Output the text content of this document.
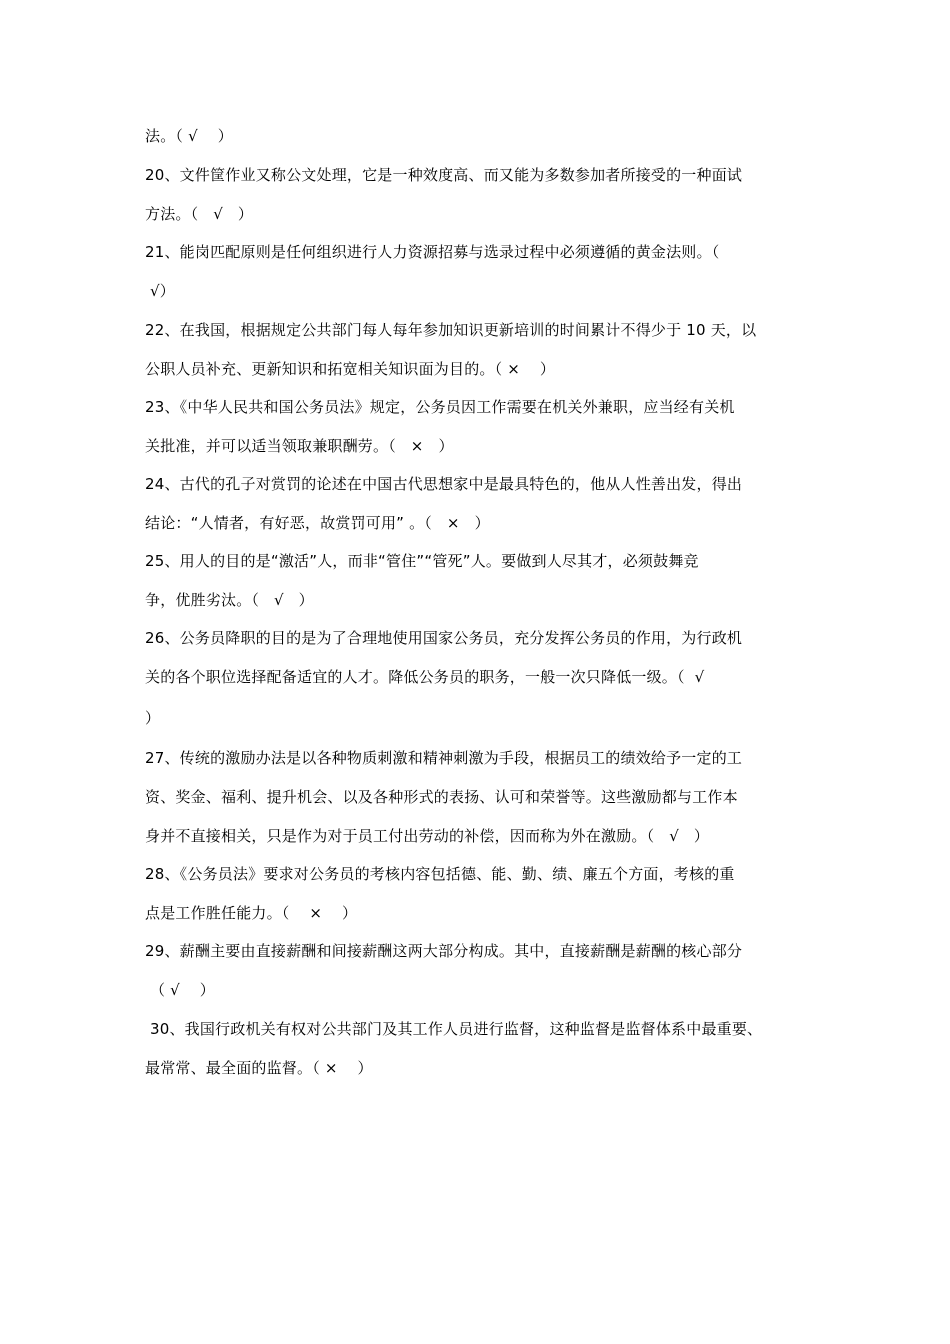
法。（ √    ）
20、文件筐作业又称公文处理，它是一种效度高、而又能为多数参加者所接受的一种面试
方法。（   √   ）
21、能岗匹配原则是任何组织进行人力资源招募与选录过程中必须遵循的黄金法则。（
√）
22、在我国，根据规定公共部门每人每年参加知识更新培训的时间累计不得少于 10 天，以
公职人员补充、更新知识和拓宽相关知识面为目的。（ ×    ）
23、《中华人民共和国公务员法》规定，公务员因工作需要在机关外兼职，应当经有关机
关批准，并可以适当领取兼职酬劳。（   ×   ）
24、古代的孔子对赏罚的论述在中国古代思想家中是最具特色的，他从人性善出发，得出
结论：“人情者，有好恶，故赏罚可用” 。（   ×   ）
25、用人的目的是“激活”人，而非“管住”“管死”人。要做到人尽其才，必须鼓舞竞
争，优胜劣汰。（   √   ）
26、公务员降职的目的是为了合理地使用国家公务员，充分发挥公务员的作用，为行政机
关的各个职位选择配备适宜的人才。降低公务员的职务，一般一次只降低一级。（  √
）
27、传统的激励办法是以各种物质刺激和精神刺激为手段，根据员工的绩效给予一定的工
资、奖金、福利、提升机会、以及各种形式的表扬、认可和荣誉等。这些激励都与工作本
身并不直接相关，只是作为对于员工付出劳动的补偿，因而称为外在激励。（   √   ）
28、《公务员法》要求对公务员的考核内容包括德、能、勤、绩、廉五个方面，考核的重
点是工作胜任能力。（    ×    ）
29、薪酬主要由直接薪酬和间接薪酬这两大部分构成。其中，直接薪酬是薪酬的核心部分
（ √    ）
30、我国行政机关有权对公共部门及其工作人员进行监督，这种监督是监督体系中最重要、
最常常、最全面的监督。（ ×    ）
